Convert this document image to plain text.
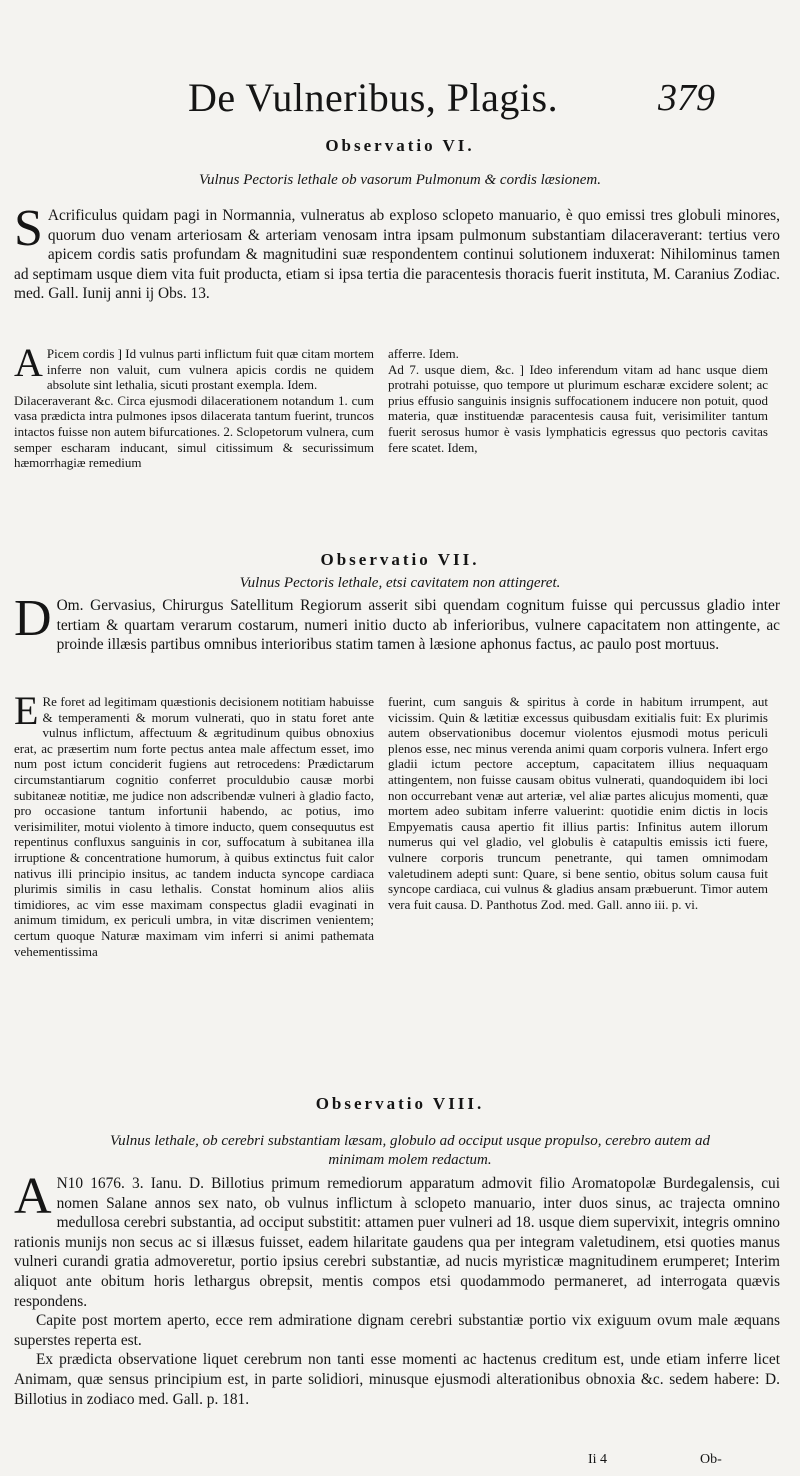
De Vulneribus, Plagis.	379
Observatio VI.
Vulnus Pectoris lethale ob vasorum Pulmonum & cordis læsionem.
S Acrificulus quidam pagi in Normannia, vulneratus ab exploso sclopeto manuario, è quo emissi tres globuli minores, quorum duo venam arteriosam & arteriam venosam intra ipsam pulmonum substantiam dilaceraverant: tertius vero apicem cordis satis profundam & magnitudini suæ respondentem continui solutionem induxerat: Nihilominus tamen ad septimam usque diem vita fuit producta, etiam si ipsa tertia die paracentesis thoracis fuerit instituta, M. Caranius Zodiac. med. Gall. Iunij anni ij Obs. 13.

A Picem cordis ] Id vulnus parti inflictum fuit quæ citam mortem inferre non valuit, cum vulnera apicis cordis ne quidem absolute sint lethalia, sicuti prostant exempla. Idem.

Dilaceraverant &c. Circa ejusmodi dilacerationem notandum 1. cum vasa prædicta intra pulmones ipsos dilacerata tantum fuerint, truncos intactos fuisse non autem bifurcationes. 2. Sclopetorum vulnera, cum semper escharam inducant, simul citissimum & securissimum hæmorrhagiæ remedium

afferre. Idem.

Ad 7. usque diem, &c. ] Ideo inferendum vitam ad hanc usque diem protrahi potuisse, quo tempore ut plurimum escharæ excidere solent; ac prius effusio sanguinis insignis suffocationem inducere non potuit, quod materia, quæ instituendæ paracentesis causa fuit, verisimiliter tantum fuerit serosus humor è vasis lymphaticis egressus quo pectoris cavitas fere scatet. Idem,

Observatio VII.
Vulnus Pectoris lethale, etsi cavitatem non attingeret.
D Om. Gervasius, Chirurgus Satellitum Regiorum asserit sibi quendam cognitum fuisse qui percussus gladio inter tertiam & quartam verarum costarum, numeri initio ducto ab inferioribus, vulnere capacitatem non attingente, ac proinde illæsis partibus omnibus interioribus statim tamen à læsione aphonus factus, ac paulo post mortuus.

E Re foret ad legitimam quæstionis decisionem notitiam habuisse & temperamenti & morum vulnerati, quo in statu foret ante vulnus inflictum, affectuum & ægritudinum quibus obnoxius erat, ac præsertim num forte pectus antea male affectum esset, imo num post ictum conciderit fugiens aut retrocedens: Prædictarum circumstantiarum cognitio conferret proculdubio causæ morbi subitaneæ notitiæ, me judice non adscribendæ vulneri à gladio facto, pro occasione tantum infortunii habendo, ac potius, imo verisimiliter, motui violento à timore inducto, quem consequutus est repentinus confluxus sanguinis in cor, suffocatum à subitanea illa irruptione & concentratione humorum, à quibus extinctus fuit calor nativus illi principio insitus, ac tandem inducta syncope cardiaca plurimis similis in casu lethalis. Constat hominum alios aliis timidiores, ac vim esse maximam conspectus gladii evaginati in animum timidum, ex periculi umbra, in vitæ discrimen venientem; certum quoque Naturæ maximam vim inferri si animi pathemata vehementissima

fuerint, cum sanguis & spiritus à corde in habitum irrumpent, aut vicissim. Quin & lætitiæ excessus quibusdam exitialis fuit: Ex plurimis autem observationibus docemur violentos ejusmodi motus periculi plenos esse, nec minus verenda animi quam corporis vulnera. Infert ergo gladii ictum pectore acceptum, capacitatem illius nequaquam attingentem, non fuisse causam obitus vulnerati, quandoquidem ibi loci non occurrebant venæ aut arteriæ, vel aliæ partes alicujus momenti, quæ mortem adeo subitam inferre valuerint: quotidie enim dictis in locis Empyematis causa apertio fit illius partis: Infinitus autem illorum numerus qui vel gladio, vel globulis è catapultis emissis icti fuere, vulnere corporis truncum penetrante, qui tamen omnimodam valetudinem adepti sunt: Quare, si bene sentio, obitus solum causa fuit syncope cardiaca, cui vulnus & gladius ansam præbuerunt. Timor autem vera fuit causa. D. Panthotus Zod. med. Gall. anno iii. p. vi.

Observatio VIII.
Vulnus lethale, ob cerebri substantiam læsam, globulo ad occiput usque propulso, cerebro autem ad minimam molem redactum.

A N10 1676. 3. Ianu. D. Billotius primum remediorum apparatum admovit filio Aromatopolæ Burdegalensis, cui nomen Salane annos sex nato, ob vulnus inflictum à sclopeto manuario, inter duos sinus, ac trajecta omnino medullosa cerebri substantia, ad occiput substitit: attamen puer vulneri ad 18. usque diem supervixit, integris omnino rationis munijs non secus ac si illæsus fuisset, eadem hilaritate gaudens qua per integram valetudinem, etsi quoties manus vulneri curandi gratia admoveretur, portio ipsius cerebri substantiæ, ad nucis myristicæ magnitudinem erumperet; Interim aliquot ante obitum horis lethargus obrepsit, mentis compos etsi quodammodo permaneret, ad interrogata quævis respondens.

Capite post mortem aperto, ecce rem admiratione dignam cerebri substantiæ portio vix exiguum ovum male æquans superstes reperta est.

Ex prædicta observatione liquet cerebrum non tanti esse momenti ac hactenus creditum est, unde etiam inferre licet Animam, quæ sensus principium est, in parte solidiori, minusque ejusmodi alterationibus obnoxia &c. sedem habere: D. Billotius in zodiaco med. Gall. p. 181.

Ii 4	Ob-
